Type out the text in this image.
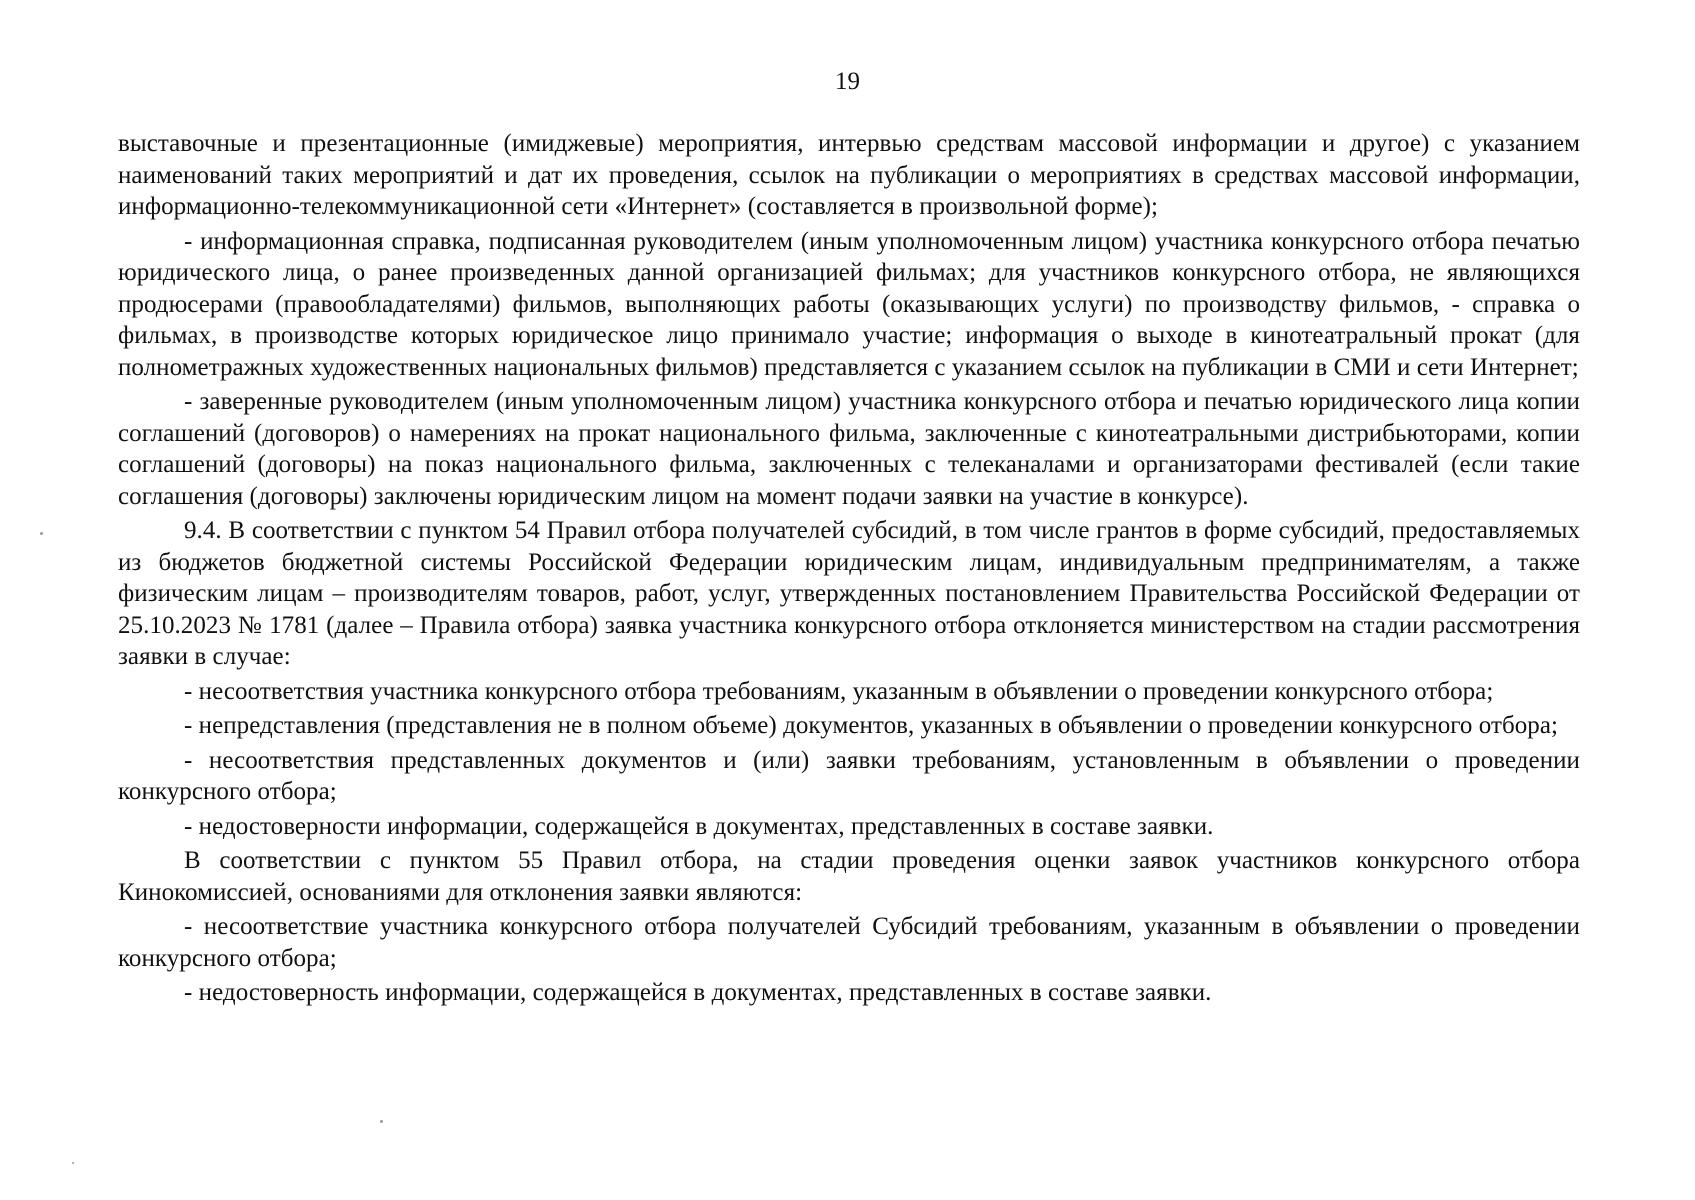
19

выставочные и презентационные (имиджевые) мероприятия, интервью средствам массовой информации и другое) с указанием наименований таких мероприятий и дат их проведения, ссылок на публикации о мероприятиях в средствах массовой информации, информационно-телекоммуникационной сети «Интернет» (составляется в произвольной форме);

- информационная справка, подписанная руководителем (иным уполномоченным лицом) участника конкурсного отбора печатью юридического лица, о ранее произведенных данной организацией фильмах; для участников конкурсного отбора, не являющихся продюсерами (правообладателями) фильмов, выполняющих работы (оказывающих услуги) по производству фильмов, - справка о фильмах, в производстве которых юридическое лицо принимало участие; информация о выходе в кинотеатральный прокат (для полнометражных художественных национальных фильмов) представляется с указанием ссылок на публикации в СМИ и сети Интернет;

- заверенные руководителем (иным уполномоченным лицом) участника конкурсного отбора и печатью юридического лица копии соглашений (договоров) о намерениях на прокат национального фильма, заключенные с кинотеатральными дистрибьюторами, копии соглашений (договоры) на показ национального фильма, заключенных с телеканалами и организаторами фестивалей (если такие соглашения (договоры) заключены юридическим лицом на момент подачи заявки на участие в конкурсе).

9.4. В соответствии с пунктом 54 Правил отбора получателей субсидий, в том числе грантов в форме субсидий, предоставляемых из бюджетов бюджетной системы Российской Федерации юридическим лицам, индивидуальным предпринимателям, а также физическим лицам – производителям товаров, работ, услуг, утвержденных постановлением Правительства Российской Федерации от 25.10.2023 № 1781 (далее – Правила отбора) заявка участника конкурсного отбора отклоняется министерством на стадии рассмотрения заявки в случае:

- несоответствия участника конкурсного отбора требованиям, указанным в объявлении о проведении конкурсного отбора;

- непредставления (представления не в полном объеме) документов, указанных в объявлении о проведении конкурсного отбора;

- несоответствия представленных документов и (или) заявки требованиям, установленным в объявлении о проведении конкурсного отбора;

- недостоверности информации, содержащейся в документах, представленных в составе заявки.

В соответствии с пунктом 55 Правил отбора, на стадии проведения оценки заявок участников конкурсного отбора Кинокомиссией, основаниями для отклонения заявки являются:

- несоответствие участника конкурсного отбора получателей Субсидий требованиям, указанным в объявлении о проведении конкурсного отбора;

- недостоверность информации, содержащейся в документах, представленных в составе заявки.
